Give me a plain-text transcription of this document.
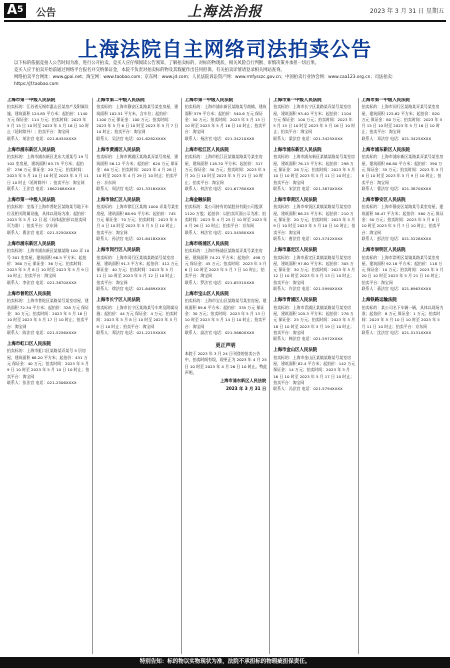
$A^5$	公告	上海法治报	2023 年 3 月 31 日 星期五
上海法院自主网络司法拍卖公告

以下标的依据竞拍人公告时间为准，进行公开拍卖。竞买人应仔细阅读公告须知，了解拍卖标的，对标的物现状、相关风险自行判断、审慎决策并承担一切后果。

竞买人应于拍卖开始前通过网络平台报名并交纳保证金，本院不负责对拍卖标的物及其瑕疵作出任何担保，有关拍卖详情请登录相关网站查询。

网络拍卖平台网址：www.gpai.net；淘宝网：www.taobao.com；京东网：www.jd.com；人民法院诉讼资产网：www.rmfysszc.gov.cn；中国拍卖行业协会网：www.caa123.org.cn；司法拍卖：https://jf.taobao.com

上海市第一中级人民法院

拍卖标的：江苏省无锡市惠山区某房产及附属设施，建筑面积 124.85 平方米；起拍价：1140 万元 保证金：114 万元；拍卖时间：2023 年 5 月 15 日 10 时至 2023 年 5 月 16 日 10 时止（延时除外）；拍卖平台：淘宝网

联系人：胡法官 电话：021-6434XXXX

上海市浦东新区人民法院

拍卖标的：上海市浦东新区龙东大道某号 19 号 102 室房屋，建筑面积 63.75 平方米；起拍价：236 万元 保证金：20 万元；拍卖时间：2023 年 5 月 10 日 10 时至 2023 年 5 月 11 日 10 时止（延时除外）；拍卖平台：淘宝网

联系人：王法官 电话：1862168XXXX

上海市第一中级人民法院

拍卖标的：坐落于上海市普陀区某路某号地下车位及相关附属设施，具体以现场为准；起拍价：2023 年 5 月 12 日 起（具体起拍价以拍卖网页为准）；拍卖平台：京东网

联系人：曹法官 电话：021-5250XXXX

上海市浦东新区人民法院

拍卖标的：上海市浦东新区某镇某路 100 弄 10 号 301 室房屋，建筑面积 98.5 平方米；起拍价：360 万元 保证金：36 万元；拍卖时间：2023 年 5 月 8 日 10 时至 2023 年 5 月 9 日 10 时止；拍卖平台：淘宝网

联系人：李法官 电话：021-3870XXXX

上海市普陀区人民法院

拍卖标的：上海市普陀区某路某号某室房屋，建筑面积 72.34 平方米；起拍价：328 万元 保证金：30 万元；拍卖时间：2023 年 5 月 16 日 10 时至 2023 年 5 月 17 日 10 时止；拍卖平台：淘宝网

联系人：陈法官 电话：021-5256XXXX

上海市虹口区人民法院

拍卖标的：上海市虹口区某路某弄某号 5 层房屋，建筑面积 68.20 平方米；起拍价：431 万元 保证金：40 万元；拍卖时间：2023 年 5 月 9 日 10 时至 2023 年 5 月 10 日 10 时止；拍卖平台：淘宝网

联系人：张法官 电话：021-2506XXXX

上海市第二中级人民法院

拍卖标的：上海市静安区某路某号某室房屋，建筑面积 102.51 平方米，含车位；起拍价：1100 万元 保证金：100 万元；拍卖时间：2023 年 5 月 6 日 10 时至 2023 年 5 月 7 日 10 时止；拍卖平台：淘宝网

联系人：吴法官 电话：021-6282XXXX

上海市黄浦区人民法院

拍卖标的：上海市黄浦区某路某弄某号房屋，建筑面积 56.12 平方米；起拍价：620 万元 保证金：60 万元；拍卖时间：2023 年 4 月 28 日 10 时至 2023 年 4 月 29 日 10 时止；拍卖平台：京东网

联系人：周法官 电话：021-3316XXXX

上海市徐汇区人民法院

拍卖标的：上海市徐汇区某路 1000 弄某号某室房屋，建筑面积 88.90 平方米；起拍价：745 万元 保证金：70 万元；拍卖时间：2023 年 5 月 4 日 10 时至 2023 年 5 月 5 日 10 时止；拍卖平台：淘宝网

联系人：孙法官 电话：021-6418XXXX

上海市闵行区人民法院

拍卖标的：上海市闵行区某镇某路某号某室房屋，建筑面积 91.3 平方米；起拍价：412 万元 保证金：40 万元；拍卖时间：2023 年 5 月 11 日 10 时至 2023 年 5 月 12 日 10 时止；拍卖平台：淘宝网

联系人：徐法官 电话：021-6489XXXX

上海市长宁区人民法院

拍卖标的：上海市长宁区某路某号车库及附属设施；起拍价：44 万元 保证金：4 万元；拍卖时间：2023 年 5 月 8 日 10 时至 2023 年 5 月 9 日 10 时止；拍卖平台：淘宝网

联系人：郑法官 电话：021-2215XXXX

上海市第一中级人民法院

拍卖标的：上海市浦东新区某路某号商铺，建筑面积 579 平方米；起拍价：540.6 万元 保证金：50 万元；拍卖时间：2023 年 5 月 15 日 10 时至 2023 年 5 月 16 日 10 时止；拍卖平台：淘宝网

联系人：杨法官 电话：021-3421XXXX

上海市松江区人民法院

拍卖标的：上海市松江区某镇某路某号某室房屋，建筑面积 118.70 平方米；起拍价：317 万元 保证金：30 万元；拍卖时间：2023 年 5 月 20 日 10 时至 2023 年 5 月 21 日 10 时止；拍卖平台：淘宝网

联系人：何法官 电话：021-6778XXXX

上海金融法院

拍卖标的：某公司持有的某股份有限公司股票 1120 万股；起拍价：以拍卖页面公示为准；拍卖时间：2023 年 4 月 25 日 10 时至 2023 年 4 月 26 日 10 时止；拍卖平台：京东网

联系人：林法官 电话：021-5458XXXX

上海市杨浦区人民法院

拍卖标的：上海市杨浦区某路某弄某号某室房屋，建筑面积 74.21 平方米；起拍价：498 万元 保证金：45 万元；拍卖时间：2023 年 5 月 6 日 10 时至 2023 年 5 月 7 日 10 时止；拍卖平台：淘宝网

联系人：罗法官 电话：021-6531XXXX

上海市宝山区人民法院

拍卖标的：上海市宝山区某路某号某室房屋，建筑面积 89.6 平方米；起拍价：335 万元 保证金：30 万元；拍卖时间：2023 年 5 月 13 日 10 时至 2023 年 5 月 14 日 10 时止；拍卖平台：淘宝网

联系人：高法官 电话：021-5660XXXX

更正声明
本院于 2023 年 3 月 24 日刊登的拍卖公告中，拍卖时间有误，现更正为 2023 年 4 月 25 日 10 时至 2023 年 4 月 26 日 10 时止。特此声明。
上海市浦东新区人民法院
2023 年 3 月 31 日
上海市第一中级人民法院

拍卖标的：上海市长宁区某路某弄某号某室房屋，建筑面积 93.40 平方米；起拍价：1104 万元 保证金：100 万元；拍卖时间：2023 年 5 月 15 日 10 时至 2023 年 5 月 16 日 10 时止；拍卖平台：淘宝网

联系人：梁法官 电话：021-3425XXXX

上海市浦东新区人民法院

拍卖标的：上海市浦东新区某镇某路某号某室房屋，建筑面积 76.13 平方米；起拍价：298 万元 保证金：28 万元；拍卖时间：2023 年 5 月 10 日 10 时至 2023 年 5 月 11 日 10 时止；拍卖平台：淘宝网

联系人：宋法官 电话：021-3870XXXX

上海市奉贤区人民法院

拍卖标的：上海市奉贤区某镇某路某号某室房屋，建筑面积 86.25 平方米；起拍价：210 万元 保证金：20 万元；拍卖时间：2023 年 5 月 9 日 10 时至 2023 年 5 月 10 日 10 时止；拍卖平台：淘宝网

联系人：唐法官 电话：021-5742XXXX

上海市嘉定区人民法院

拍卖标的：上海市嘉定区某镇某路某号某室房屋，建筑面积 97.80 平方米；起拍价：305 万元 保证金：30 万元；拍卖时间：2023 年 5 月 12 日 10 时至 2023 年 5 月 13 日 10 时止；拍卖平台：淘宝网

联系人：许法官 电话：021-5990XXXX

上海市青浦区人民法院

拍卖标的：上海市青浦区某镇某路某号某室房屋，建筑面积 105.3 平方米；起拍价：276 万元 保证金：25 万元；拍卖时间：2023 年 5 月 18 日 10 时至 2023 年 5 月 19 日 10 时止；拍卖平台：淘宝网

联系人：韩法官 电话：021-5972XXXX

上海市金山区人民法院

拍卖标的：上海市金山区某镇某路某号某室房屋，建筑面积 82.4 平方米；起拍价：142 万元 保证金：14 万元；拍卖时间：2023 年 5 月 16 日 10 时至 2023 年 5 月 17 日 10 时止；拍卖平台：淘宝网

联系人：冯法官 电话：021-5794XXXX

上海市第一中级人民法院

拍卖标的：上海市闵行区某路某弄某号某室房屋，建筑面积 125.62 平方米；起拍价：820 万元 保证金：80 万元；拍卖时间：2023 年 5 月 15 日 10 时至 2023 年 5 月 16 日 10 时止；拍卖平台：淘宝网

联系人：邓法官 电话：021-3425XXXX

上海市浦东新区人民法院

拍卖标的：上海市浦东新区某路某弄某号某室房屋，建筑面积 66.80 平方米；起拍价：390 万元 保证金：35 万元；拍卖时间：2023 年 5 月 8 日 10 时至 2023 年 5 月 9 日 10 时止；拍卖平台：淘宝网

联系人：曹法官 电话：021-3870XXXX

上海市静安区人民法院

拍卖标的：上海市静安区某路某号某室房屋，建筑面积 58.47 平方米；起拍价：560 万元 保证金：50 万元；拍卖时间：2023 年 5 月 6 日 10 时至 2023 年 5 月 7 日 10 时止；拍卖平台：淘宝网

联系人：彭法官 电话：021-5228XXXX

上海市崇明区人民法院

拍卖标的：上海市崇明区某镇某路某号某室房屋，建筑面积 92.16 平方米；起拍价：118 万元 保证金：10 万元；拍卖时间：2023 年 5 月 20 日 10 时至 2023 年 5 月 21 日 10 时止；拍卖平台：淘宝网

联系人：蒋法官 电话：021-6963XXXX

上海铁路运输法院

拍卖标的：某公司名下车辆一辆，具体以现场为准；起拍价：8 万元 保证金：1 万元；拍卖时间：2023 年 5 月 10 日 10 时至 2023 年 5 月 11 日 10 时止；拍卖平台：京东网

联系人：沈法官 电话：021-5131XXXX

特别告知：标的物以实物现状为准，法院不承担标的物瑕疵担保责任。
